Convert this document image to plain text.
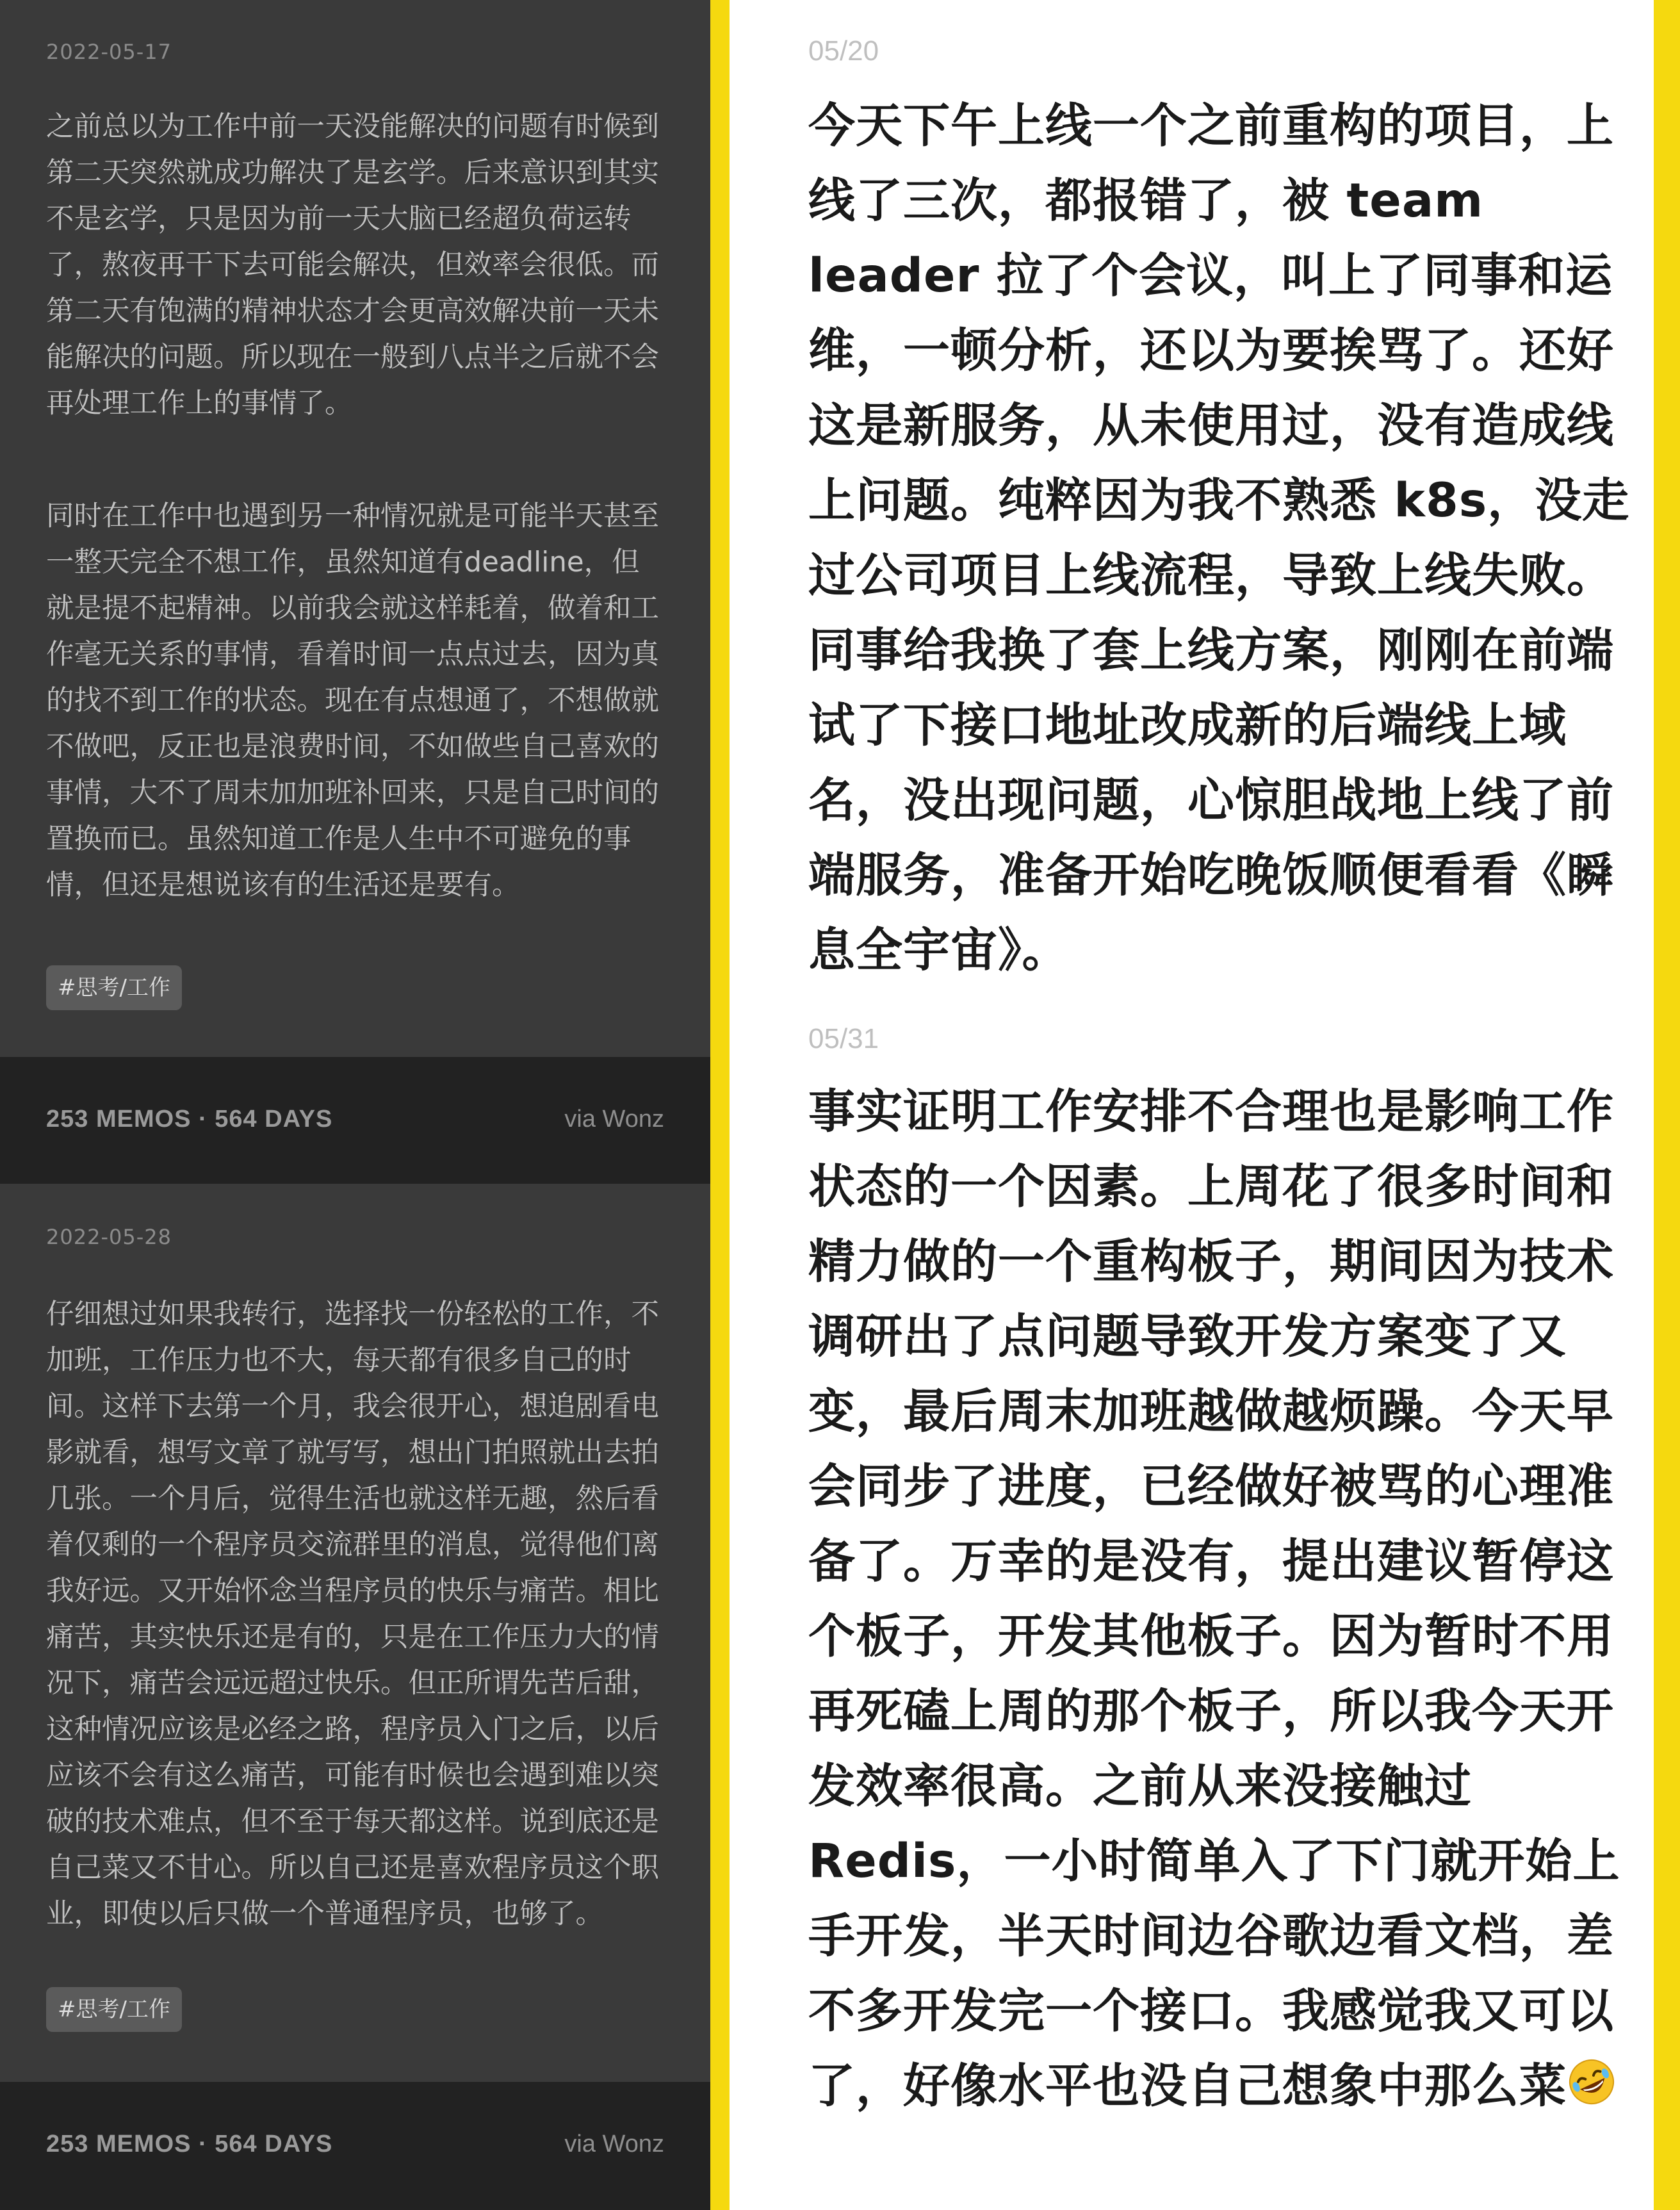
2022-05-17
之前总以为工作中前一天没能解决的问题有时候到第二天突然就成功解决了是玄学。后来意识到其实不是玄学，只是因为前一天大脑已经超负荷运转了，熬夜再干下去可能会解决，但效率会很低。而第二天有饱满的精神状态才会更高效解决前一天未能解决的问题。所以现在一般到八点半之后就不会再处理工作上的事情了。
同时在工作中也遇到另一种情况就是可能半天甚至一整天完全不想工作，虽然知道有deadline，但就是提不起精神。以前我会就这样耗着，做着和工作毫无关系的事情，看着时间一点点过去，因为真的找不到工作的状态。现在有点想通了，不想做就不做吧，反正也是浪费时间，不如做些自己喜欢的事情，大不了周末加加班补回来，只是自己时间的置换而已。虽然知道工作是人生中不可避免的事情，但还是想说该有的生活还是要有。
#思考/工作
253 MEMOS · 564 DAYS	via Wonz
2022-05-28
仔细想过如果我转行，选择找一份轻松的工作，不加班，工作压力也不大，每天都有很多自己的时间。这样下去第一个月，我会很开心，想追剧看电影就看，想写文章了就写写，想出门拍照就出去拍几张。一个月后，觉得生活也就这样无趣，然后看着仅剩的一个程序员交流群里的消息，觉得他们离我好远。又开始怀念当程序员的快乐与痛苦。相比痛苦，其实快乐还是有的，只是在工作压力大的情况下，痛苦会远远超过快乐。但正所谓先苦后甜，这种情况应该是必经之路，程序员入门之后，以后应该不会有这么痛苦，可能有时候也会遇到难以突破的技术难点，但不至于每天都这样。说到底还是自己菜又不甘心。所以自己还是喜欢程序员这个职业，即使以后只做一个普通程序员，也够了。
#思考/工作
253 MEMOS · 564 DAYS	via Wonz
05/20
今天下午上线一个之前重构的项目，上线了三次，都报错了，被 team leader 拉了个会议，叫上了同事和运维，一顿分析，还以为要挨骂了。还好这是新服务，从未使用过，没有造成线上问题。纯粹因为我不熟悉 k8s，没走过公司项目上线流程，导致上线失败。同事给我换了套上线方案，刚刚在前端试了下接口地址改成新的后端线上域名，没出现问题，心惊胆战地上线了前端服务，准备开始吃晚饭顺便看看《瞬息全宇宙》。
05/31
事实证明工作安排不合理也是影响工作状态的一个因素。上周花了很多时间和精力做的一个重构板子，期间因为技术调研出了点问题导致开发方案变了又变，最后周末加班越做越烦躁。今天早会同步了进度，已经做好被骂的心理准备了。万幸的是没有，提出建议暂停这个板子，开发其他板子。因为暂时不用再死磕上周的那个板子，所以我今天开发效率很高。之前从来没接触过 Redis，一小时简单入了下门就开始上手开发，半天时间边谷歌边看文档，差不多开发完一个接口。我感觉我又可以了，好像水平也没自己想象中那么菜
